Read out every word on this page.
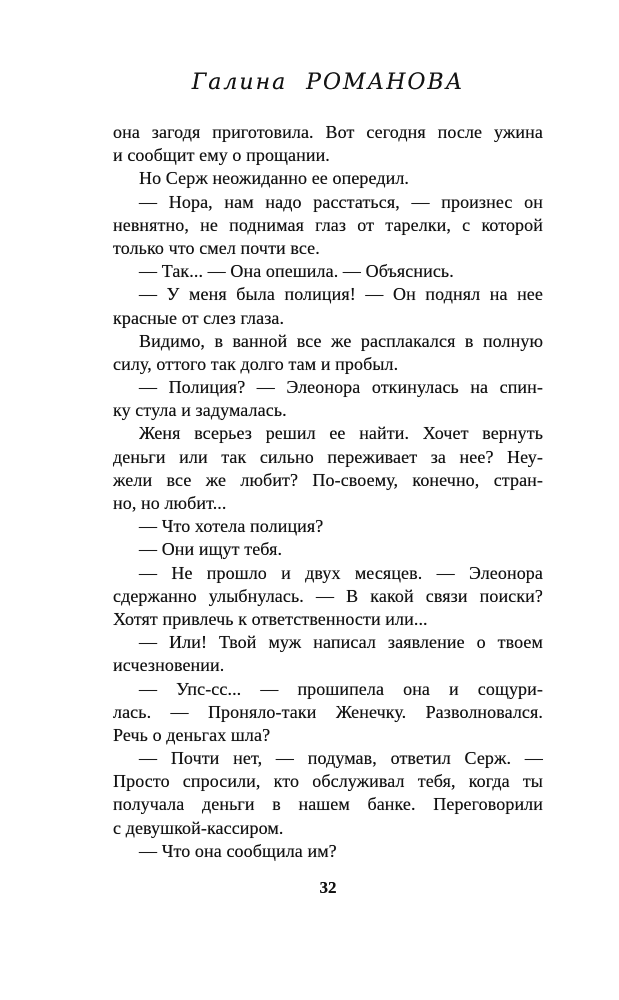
Галина РОМАНОВА
она загодя приготовила. Вот сегодня после ужина
и сообщит ему о прощании.
Но Серж неожиданно ее опередил.
— Нора, нам надо расстаться, — произнес он
невнятно, не поднимая глаз от тарелки, с которой
только что смел почти все.
— Так... — Она опешила. — Объяснись.
— У меня была полиция! — Он поднял на нее
красные от слез глаза.
Видимо, в ванной все же расплакался в полную
силу, оттого так долго там и пробыл.
— Полиция? — Элеонора откинулась на спин-
ку стула и задумалась.
Женя всерьез решил ее найти. Хочет вернуть
деньги или так сильно переживает за нее? Неу-
жели все же любит? По-своему, конечно, стран-
но, но любит...
— Что хотела полиция?
— Они ищут тебя.
— Не прошло и двух месяцев. — Элеонора
сдержанно улыбнулась. — В какой связи поиски?
Хотят привлечь к ответственности или...
— Или! Твой муж написал заявление о твоем
исчезновении.
— Упс-сс... — прошипела она и сощури-
лась. — Проняло-таки Женечку. Разволновался.
Речь о деньгах шла?
— Почти нет, — подумав, ответил Серж. —
Просто спросили, кто обслуживал тебя, когда ты
получала деньги в нашем банке. Переговорили
с девушкой-кассиром.
— Что она сообщила им?
32
